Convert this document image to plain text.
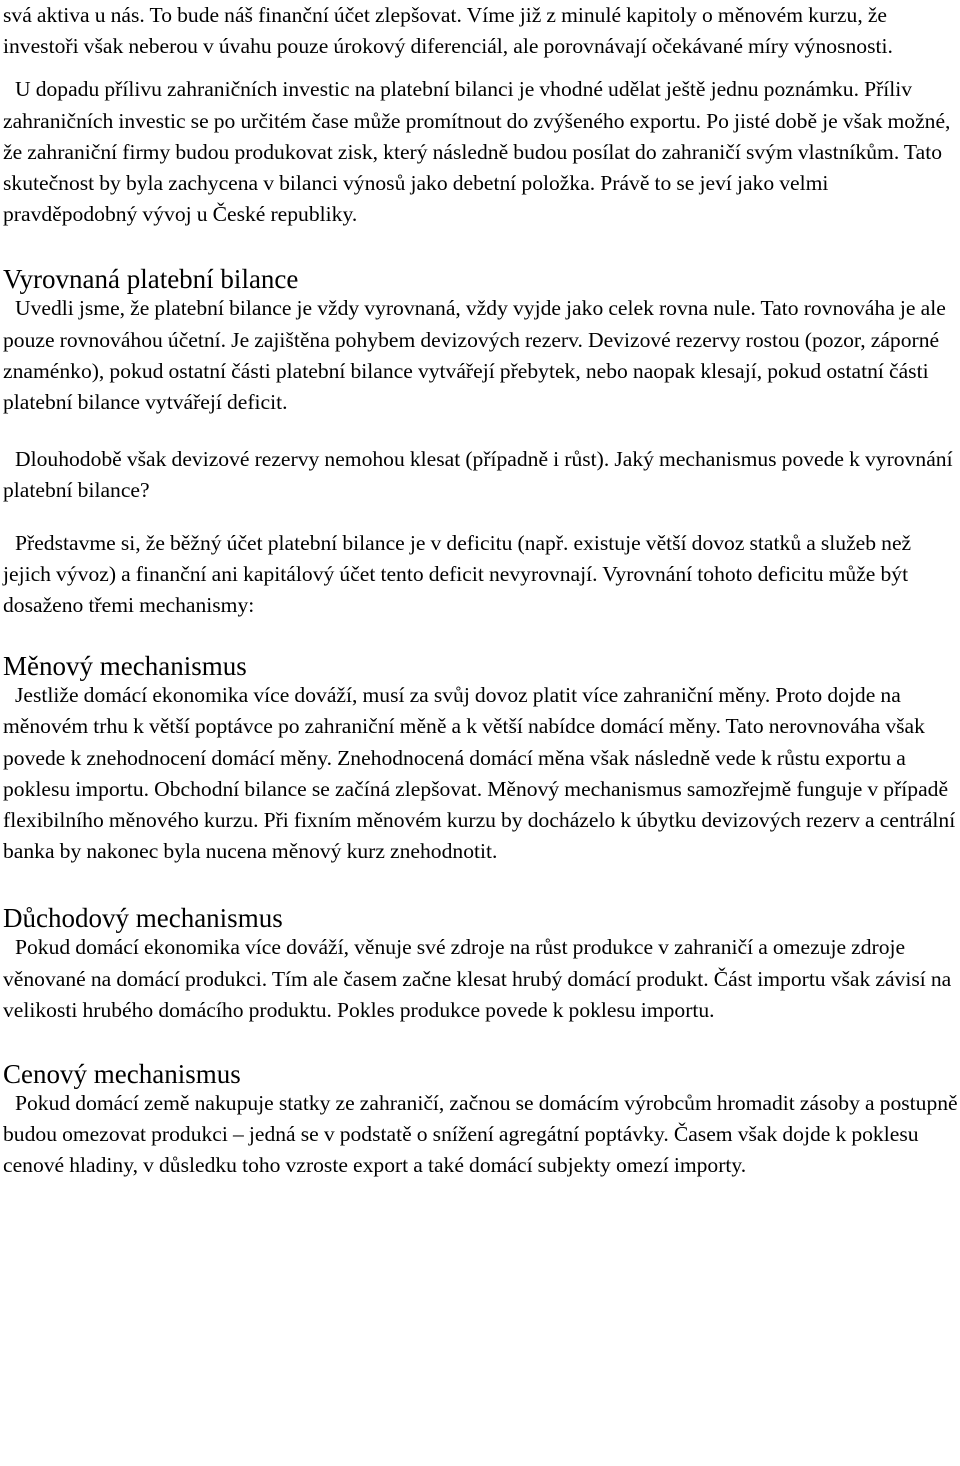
svá aktiva u nás. To bude náš finanční účet zlepšovat. Víme již z minulé kapitoly o měnovém kurzu, že investoři však neberou v úvahu pouze úrokový diferenciál, ale porovnávají očekávané míry výnosnosti.

U dopadu přílivu zahraničních investic na platební bilanci je vhodné udělat ještě jednu poznámku. Příliv zahraničních investic se po určitém čase může promítnout do zvýšeného exportu. Po jisté době je však možné, že zahraniční firmy budou produkovat zisk, který následně budou posílat do zahraničí svým vlastníkům. Tato skutečnost by byla zachycena v bilanci výnosů jako debetní položka. Právě to se jeví jako velmi pravděpodobný vývoj u České republiky.

Vyrovnaná platební bilance

Uvedli jsme, že platební bilance je vždy vyrovnaná, vždy vyjde jako celek rovna nule. Tato rovnováha je ale pouze rovnováhou účetní. Je zajištěna pohybem devizových rezerv. Devizové rezervy rostou (pozor, záporné znaménko), pokud ostatní části platební bilance vytvářejí přebytek, nebo naopak klesají, pokud ostatní části platební bilance vytvářejí deficit.

Dlouhodobě však devizové rezervy nemohou klesat (případně i růst). Jaký mechanismus povede k vyrovnání platební bilance?

Představme si, že běžný účet platební bilance je v deficitu (např. existuje větší dovoz statků a služeb než jejich vývoz) a finanční ani kapitálový účet tento deficit nevyrovnají. Vyrovnání tohoto deficitu může být dosaženo třemi mechanismy:

Měnový mechanismus

Jestliže domácí ekonomika více dováží, musí za svůj dovoz platit více zahraniční měny. Proto dojde na měnovém trhu k větší poptávce po zahraniční měně a k větší nabídce domácí měny. Tato nerovnováha však povede k znehodnocení domácí měny. Znehodnocená domácí měna však následně vede k růstu exportu a poklesu importu. Obchodní bilance se začíná zlepšovat. Měnový mechanismus samozřejmě funguje v případě flexibilního měnového kurzu. Při fixním měnovém kurzu by docházelo k úbytku devizových rezerv a centrální banka by nakonec byla nucena měnový kurz znehodnotit.

Důchodový mechanismus

Pokud domácí ekonomika více dováží, věnuje své zdroje na růst produkce v zahraničí a omezuje zdroje věnované na domácí produkci. Tím ale časem začne klesat hrubý domácí produkt. Část importu však závisí na velikosti hrubého domácího produktu. Pokles produkce povede k poklesu importu.

Cenový mechanismus

Pokud domácí země nakupuje statky ze zahraničí, začnou se domácím výrobcům hromadit zásoby a postupně budou omezovat produkci – jedná se v podstatě o snížení agregátní poptávky. Časem však dojde k poklesu cenové hladiny, v důsledku toho vzroste export a také domácí subjekty omezí importy.
